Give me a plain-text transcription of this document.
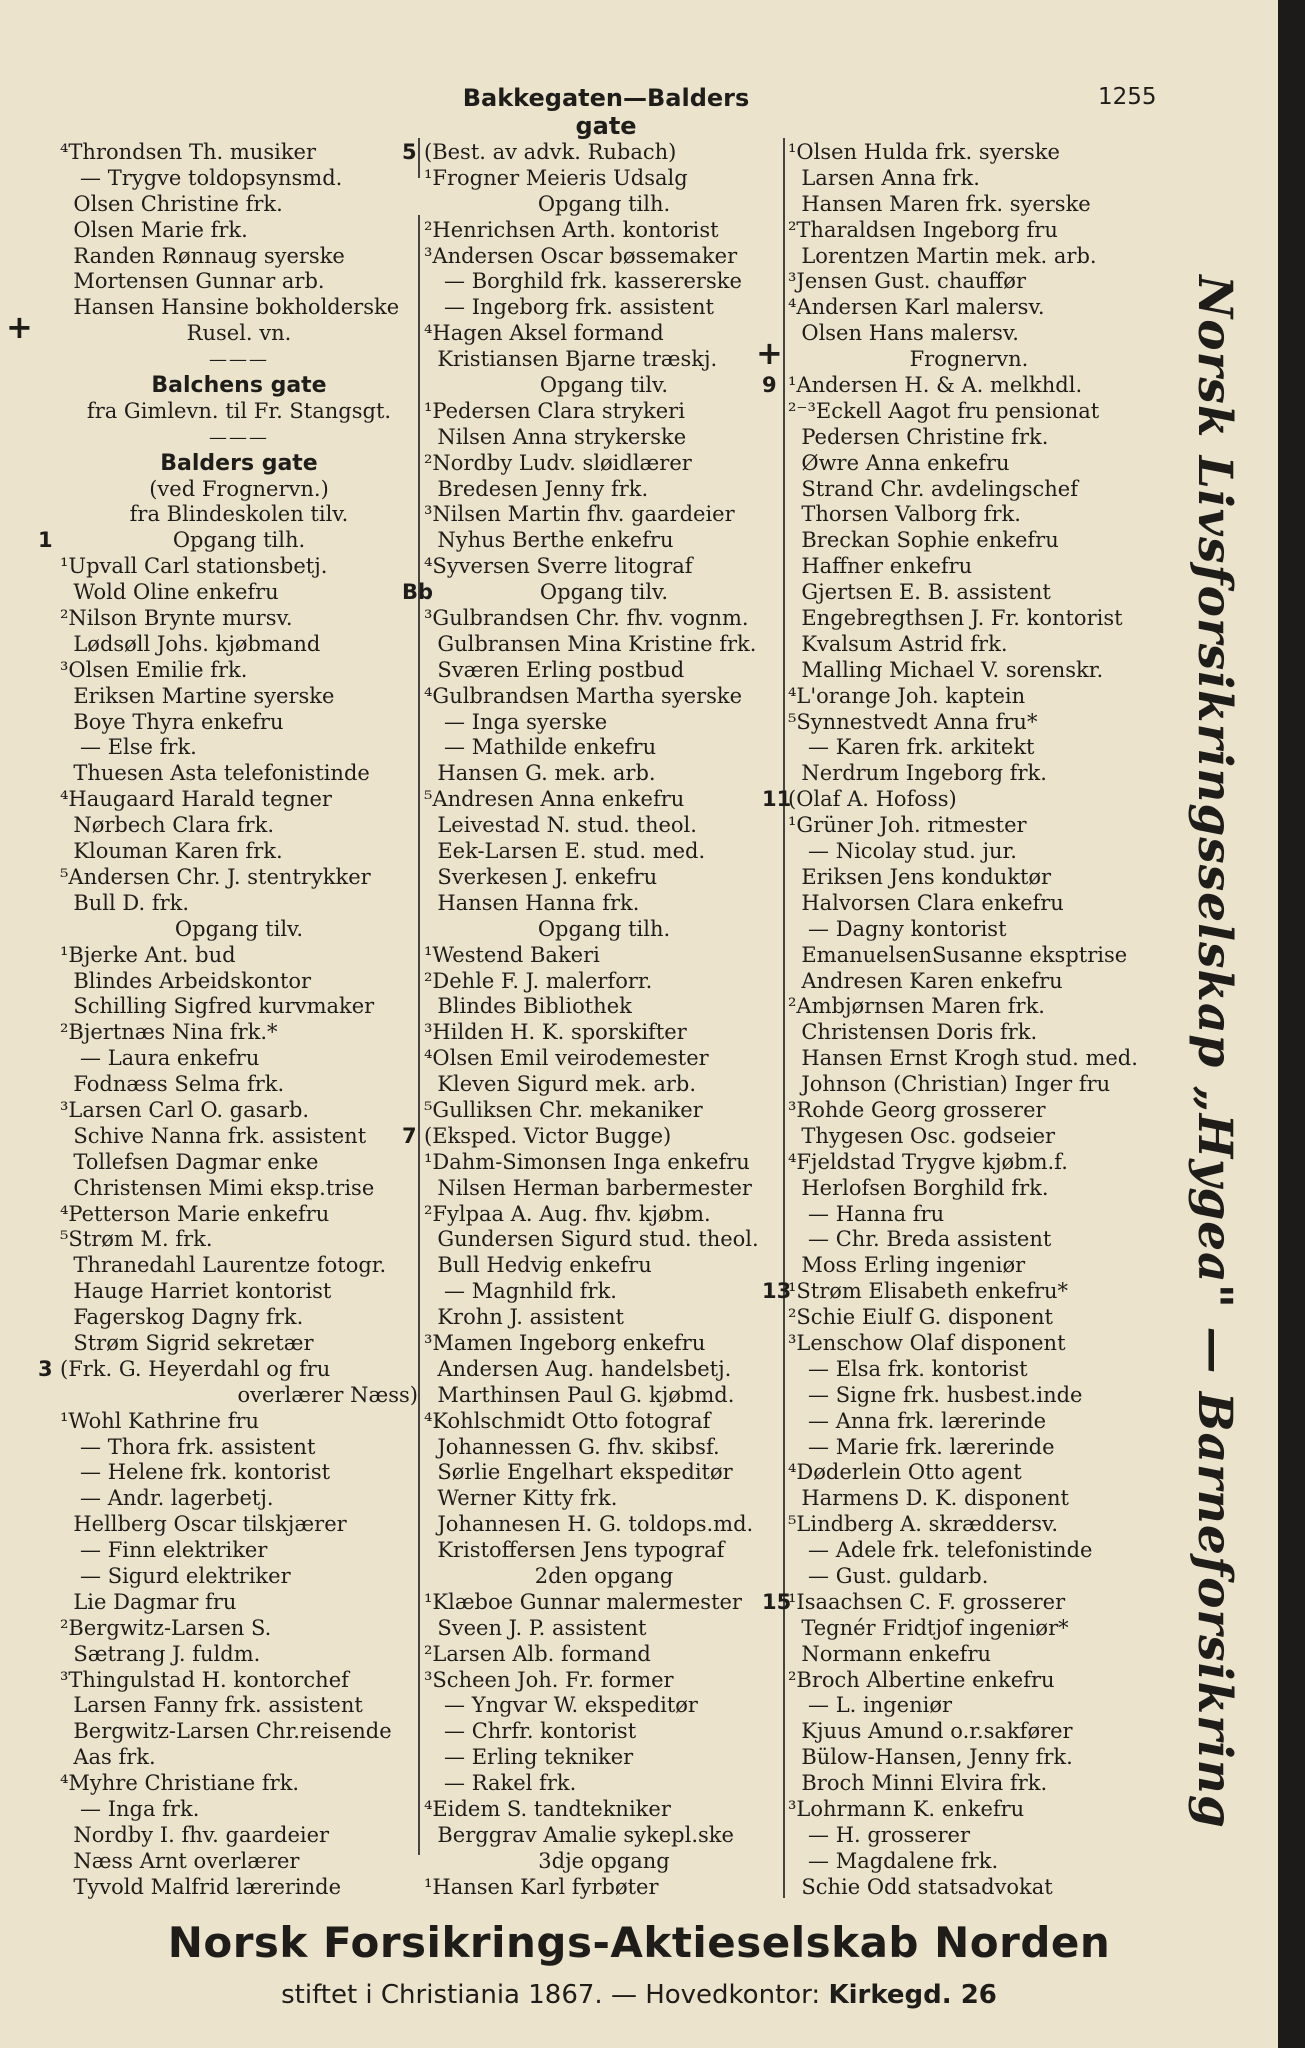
Bakkegaten—Balders gate
1255
⁴Throndsen Th. musiker
— Trygve toldopsynsmd.
Olsen Christine frk.
Olsen Marie frk.
Randen Rønnaug syerske
Mortensen Gunnar arb.
Hansen Hansine bokholderske
+	Rusel. vn.
———
Balchens gate
fra Gimlevn. til Fr. Stangsgt.
———
Balders gate
(ved Frognervn.)
fra Blindeskolen tilv.
1	Opgang tilh.
¹Upvall Carl stationsbetj.
Wold Oline enkefru
²Nilson Brynte mursv.
Lødsøll Johs. kjøbmand
³Olsen Emilie frk.
Eriksen Martine syerske
Boye Thyra enkefru
— Else frk.
Thuesen Asta telefonistinde
⁴Haugaard Harald tegner
Nørbech Clara frk.
Klouman Karen frk.
⁵Andersen Chr. J. stentrykker
Bull D. frk.
Opgang tilv.
¹Bjerke Ant. bud
Blindes Arbeidskontor
Schilling Sigfred kurvmaker
²Bjertnæs Nina frk.*
— Laura enkefru
Fodnæss Selma frk.
³Larsen Carl O. gasarb.
Schive Nanna frk. assistent
Tollefsen Dagmar enke
Christensen Mimi eksp.trise
⁴Petterson Marie enkefru
⁵Strøm M. frk.
Thranedahl Laurentze fotogr.
Hauge Harriet kontorist
Fagerskog Dagny frk.
Strøm Sigrid sekretær
3 (Frk. G. Heyerdahl og fru
overlærer Næss)
¹Wohl Kathrine fru
— Thora frk. assistent
— Helene frk. kontorist
— Andr. lagerbetj.
Hellberg Oscar tilskjærer
— Finn elektriker
— Sigurd elektriker
Lie Dagmar fru
²Bergwitz-Larsen S.
Sætrang J. fuldm.
³Thingulstad H. kontorchef
Larsen Fanny frk. assistent
Bergwitz-Larsen Chr.reisende
Aas frk.
⁴Myhre Christiane frk.
— Inga frk.
Nordby I. fhv. gaardeier
Næss Arnt overlærer
Tyvold Malfrid lærerinde
5 (Best. av advk. Rubach)
¹Frogner Meieris Udsalg
Opgang tilh.
²Henrichsen Arth. kontorist
³Andersen Oscar bøssemaker
— Borghild frk. kassererske
— Ingeborg frk. assistent
⁴Hagen Aksel formand
Kristiansen Bjarne træskj.
Opgang tilv.
¹Pedersen Clara strykeri
Nilsen Anna strykerske
²Nordby Ludv. sløidlærer
Bredesen Jenny frk.
³Nilsen Martin fhv. gaardeier
Nyhus Berthe enkefru
⁴Syversen Sverre litograf
Bb	Opgang tilv.
³Gulbrandsen Chr. fhv. vognm.
Gulbransen Mina Kristine frk.
Sværen Erling postbud
⁴Gulbrandsen Martha syerske
— Inga syerske
— Mathilde enkefru
Hansen G. mek. arb.
⁵Andresen Anna enkefru
Leivestad N. stud. theol.
Eek-Larsen E. stud. med.
Sverkesen J. enkefru
Hansen Hanna frk.
Opgang tilh.
¹Westend Bakeri
²Dehle F. J. malerforr.
Blindes Bibliothek
³Hilden H. K. sporskifter
⁴Olsen Emil veirodemester
Kleven Sigurd mek. arb.
⁵Gulliksen Chr. mekaniker
7 (Eksped. Victor Bugge)
¹Dahm-Simonsen Inga enkefru
Nilsen Herman barbermester
²Fylpaa A. Aug. fhv. kjøbm.
Gundersen Sigurd stud. theol.
Bull Hedvig enkefru
— Magnhild frk.
Krohn J. assistent
³Mamen Ingeborg enkefru
Andersen Aug. handelsbetj.
Marthinsen Paul G. kjøbmd.
⁴Kohlschmidt Otto fotograf
Johannessen G. fhv. skibsf.
Sørlie Engelhart ekspeditør
Werner Kitty frk.
Johannesen H. G. toldops.md.
Kristoffersen Jens typograf
2den opgang
¹Klæboe Gunnar malermester
Sveen J. P. assistent
²Larsen Alb. formand
³Scheen Joh. Fr. former
— Yngvar W. ekspeditør
— Chrfr. kontorist
— Erling tekniker
— Rakel frk.
⁴Eidem S. tandtekniker
Berggrav Amalie sykepl.ske
3dje opgang
¹Hansen Karl fyrbøter
¹Olsen Hulda frk. syerske
Larsen Anna frk.
Hansen Maren frk. syerske
²Tharaldsen Ingeborg fru
Lorentzen Martin mek. arb.
³Jensen Gust. chauffør
⁴Andersen Karl malersv.
Olsen Hans malersv.
+	Frognervn.
9 ¹Andersen H. & A. melkhdl.
²⁻³Eckell Aagot fru pensionat
Pedersen Christine frk.
Øwre Anna enkefru
Strand Chr. avdelingschef
Thorsen Valborg frk.
Breckan Sophie enkefru
Haffner enkefru
Gjertsen E. B. assistent
Engebregthsen J. Fr. kontorist
Kvalsum Astrid frk.
Malling Michael V. sorenskr.
⁴L'orange Joh. kaptein
⁵Synnestvedt Anna fru*
— Karen frk. arkitekt
Nerdrum Ingeborg frk.
11
(Olaf A. Hofoss)
¹Grüner Joh. ritmester
— Nicolay stud. jur.
Eriksen Jens konduktør
Halvorsen Clara enkefru
— Dagny kontorist
EmanuelsenSusanne eksptrise
Andresen Karen enkefru
²Ambjørnsen Maren frk.
Christensen Doris frk.
Hansen Ernst Krogh stud. med.
Johnson (Christian) Inger fru
³Rohde Georg grosserer
Thygesen Osc. godseier
⁴Fjeldstad Trygve kjøbm.f.
Herlofsen Borghild frk.
— Hanna fru
— Chr. Breda assistent
Moss Erling ingeniør
13
¹Strøm Elisabeth enkefru*
²Schie Eiulf G. disponent
³Lenschow Olaf disponent
— Elsa frk. kontorist
— Signe frk. husbest.inde
— Anna frk. lærerinde
— Marie frk. lærerinde
⁴Døderlein Otto agent
Harmens D. K. disponent
⁵Lindberg A. skræddersv.
— Adele frk. telefonistinde
— Gust. guldarb.
15
¹Isaachsen C. F. grosserer
Tegnér Fridtjof ingeniør*
Normann enkefru
²Broch Albertine enkefru
— L. ingeniør
Kjuus Amund o.r.sakfører
Bülow-Hansen, Jenny frk.
Broch Minni Elvira frk.
³Lohrmann K. enkefru
— H. grosserer
— Magdalene frk.
Schie Odd statsadvokat
Norsk Livsforsikringsselskap „Hygea" — Barneforsikring
Norsk Forsikrings-Aktieselskab Norden
stiftet i Christiania 1867. — Hovedkontor: Kirkegd. 26
